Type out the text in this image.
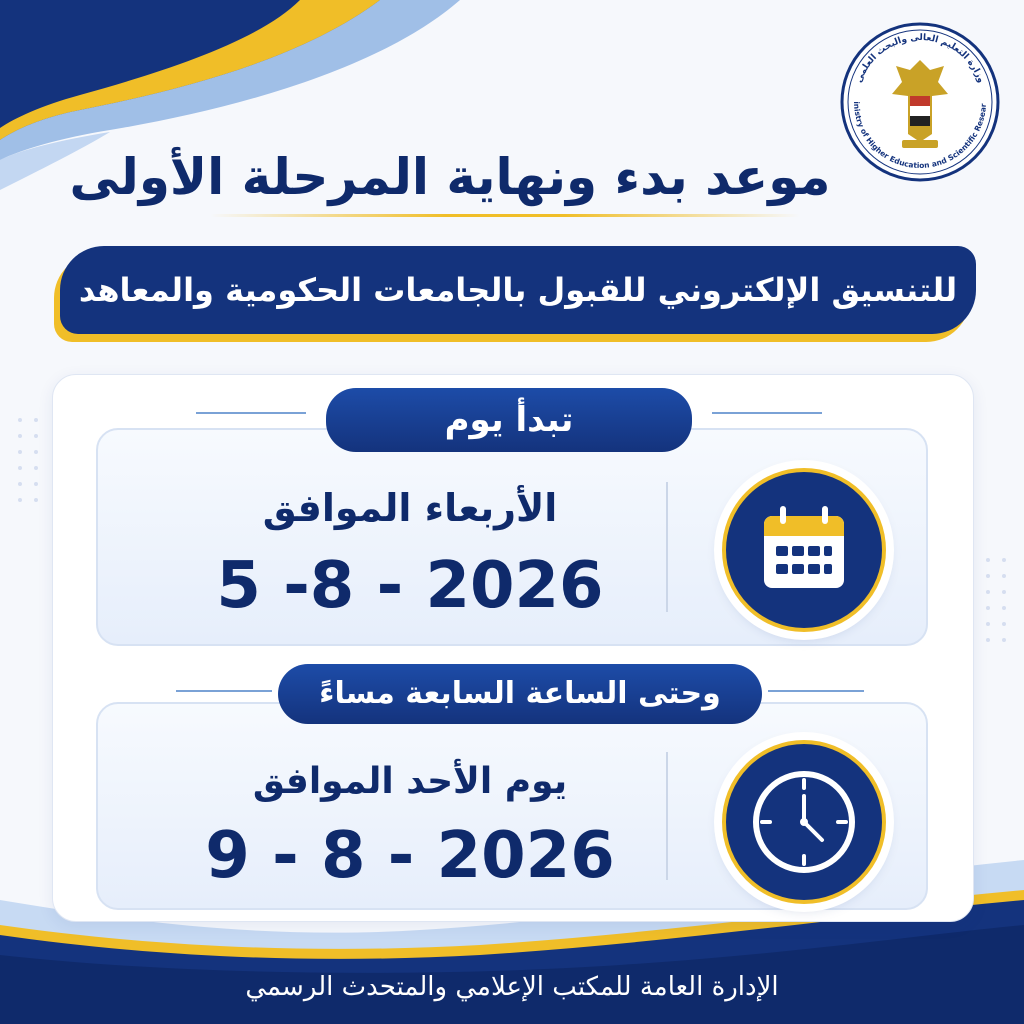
وزارة التعليم العالى والبحث العلمى
inistry of Higher Education and Scientific Resear
موعد بدء ونهاية المرحلة الأولى
للتنسيق الإلكتروني للقبول بالجامعات الحكومية والمعاهد
تبدأ يوم
الأربعاء الموافق
5 -8 - 2026
وحتى الساعة السابعة مساءً
يوم الأحد الموافق
9 - 8 - 2026
الإدارة العامة للمكتب الإعلامي والمتحدث الرسمي
